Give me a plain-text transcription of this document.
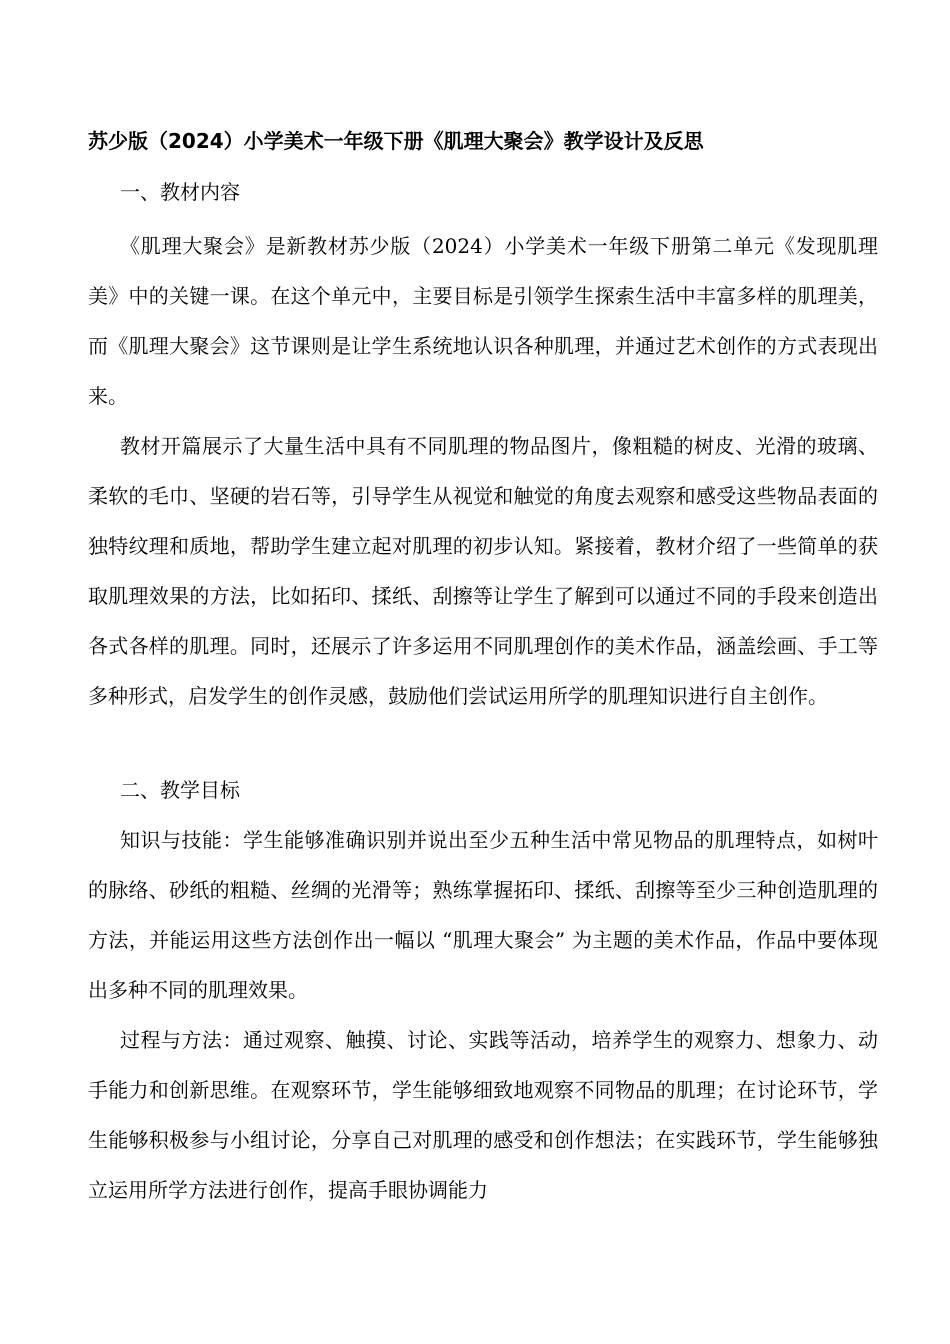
苏少版（2024）小学美术一年级下册《肌理大聚会》教学设计及反思
一、教材内容

《肌理大聚会》是新教材苏少版（2024）小学美术一年级下册第二单元《发现肌理美》中的关键一课。在这个单元中，主要目标是引领学生探索生活中丰富多样的肌理美，而《肌理大聚会》这节课则是让学生系统地认识各种肌理，并通过艺术创作的方式表现出来。

教材开篇展示了大量生活中具有不同肌理的物品图片，像粗糙的树皮、光滑的玻璃、柔软的毛巾、坚硬的岩石等，引导学生从视觉和触觉的角度去观察和感受这些物品表面的独特纹理和质地，帮助学生建立起对肌理的初步认知。紧接着，教材介绍了一些简单的获取肌理效果的方法，比如拓印、揉纸、刮擦等让学生了解到可以通过不同的手段来创造出各式各样的肌理。同时，还展示了许多运用不同肌理创作的美术作品，涵盖绘画、手工等多种形式，启发学生的创作灵感，鼓励他们尝试运用所学的肌理知识进行自主创作。

二、教学目标

知识与技能：学生能够准确识别并说出至少五种生活中常见物品的肌理特点，如树叶的脉络、砂纸的粗糙、丝绸的光滑等；熟练掌握拓印、揉纸、刮擦等至少三种创造肌理的方法，并能运用这些方法创作出一幅以 “肌理大聚会” 为主题的美术作品，作品中要体现出多种不同的肌理效果。

过程与方法：通过观察、触摸、讨论、实践等活动，培养学生的观察力、想象力、动手能力和创新思维。在观察环节，学生能够细致地观察不同物品的肌理；在讨论环节，学生能够积极参与小组讨论，分享自己对肌理的感受和创作想法；在实践环节，学生能够独立运用所学方法进行创作，提高手眼协调能力
